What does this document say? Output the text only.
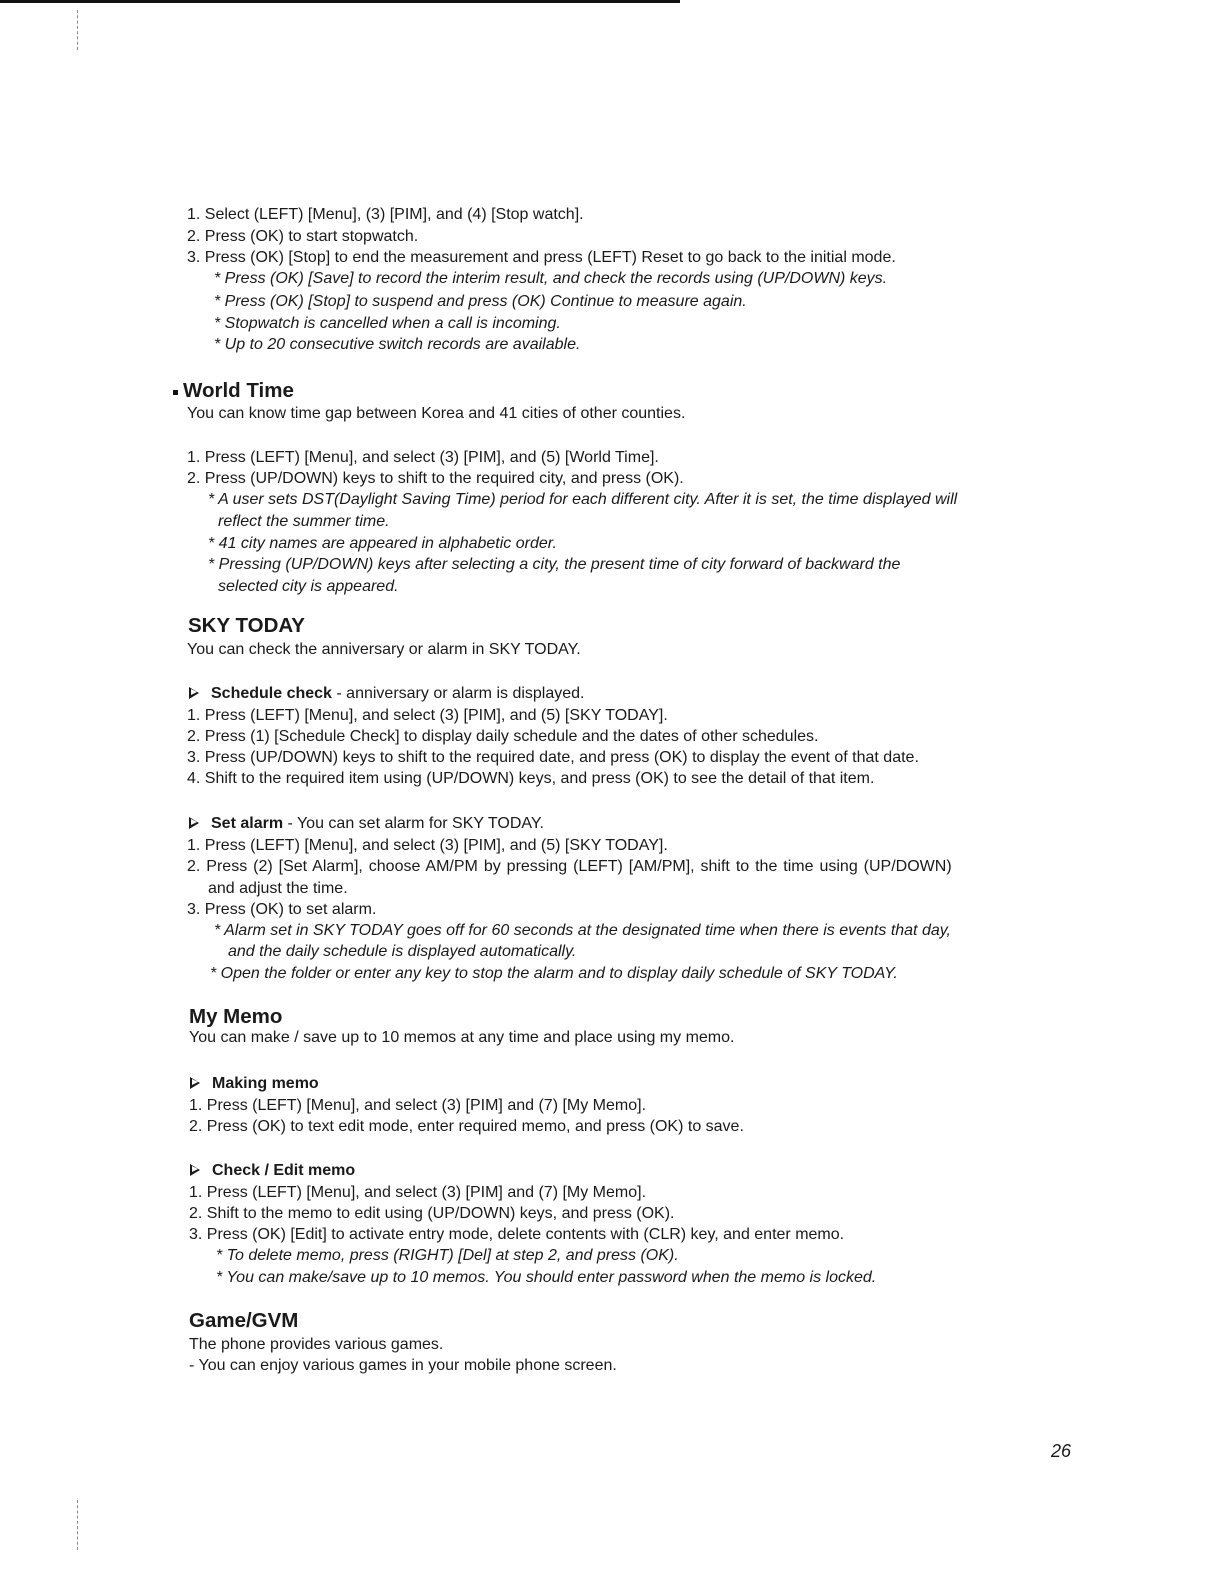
1. Select (LEFT) [Menu], (3) [PIM], and (4) [Stop watch].
2. Press (OK) to start stopwatch.
3. Press (OK) [Stop] to end the measurement and press (LEFT) Reset to go back to the initial mode.
* Press (OK) [Save] to record the interim result, and check the records using (UP/DOWN) keys.
* Press (OK) [Stop] to suspend and press (OK) Continue to measure again.
* Stopwatch is cancelled when a call is incoming.
* Up to 20 consecutive switch records are available.
World Time
You can know time gap between Korea and 41 cities of other counties.
1. Press (LEFT) [Menu], and select (3) [PIM], and (5) [World Time].
2. Press (UP/DOWN) keys to shift to the required city, and press (OK).
* A user sets DST(Daylight Saving Time) period for each different city. After it is set, the time displayed will
reflect the summer time.
* 41 city names are appeared in alphabetic order.
* Pressing (UP/DOWN) keys after selecting a city, the present time of city forward of backward the
selected city is appeared.
SKY TODAY
You can check the anniversary or alarm in SKY TODAY.
Schedule check - anniversary or alarm is displayed.
1. Press (LEFT) [Menu], and select (3) [PIM], and (5) [SKY TODAY].
2. Press (1) [Schedule Check] to display daily schedule and the dates of other schedules.
3. Press (UP/DOWN) keys to shift to the required date, and press (OK) to display the event of that date.
4. Shift to the required item using (UP/DOWN) keys, and press (OK) to see the detail of that item.
Set alarm - You can set alarm for SKY TODAY.
1. Press (LEFT) [Menu], and select (3) [PIM], and (5) [SKY TODAY].
2. Press (2) [Set Alarm], choose AM/PM by pressing (LEFT) [AM/PM], shift to the time using (UP/DOWN)
and adjust the time.
3. Press (OK) to set alarm.
* Alarm set in SKY TODAY goes off for 60 seconds at the designated time when there is events that day,
and the daily schedule is displayed automatically.
* Open the folder or enter any key to stop the alarm and to display daily schedule of SKY TODAY.
My Memo
You can make / save up to 10 memos at any time and place using my memo.
Making memo
1. Press (LEFT) [Menu], and select (3) [PIM] and (7) [My Memo].
2. Press (OK) to text edit mode, enter required memo, and press (OK) to save.
Check / Edit memo
1. Press (LEFT) [Menu], and select (3) [PIM] and (7) [My Memo].
2. Shift to the memo to edit using (UP/DOWN) keys, and press (OK).
3. Press (OK) [Edit] to activate entry mode, delete contents with (CLR) key, and enter memo.
* To delete memo, press (RIGHT) [Del] at step 2, and press (OK).
* You can make/save up to 10 memos. You should enter password when the memo is locked.
Game/GVM
The phone provides various games.
- You can enjoy various games in your mobile phone screen.
26
